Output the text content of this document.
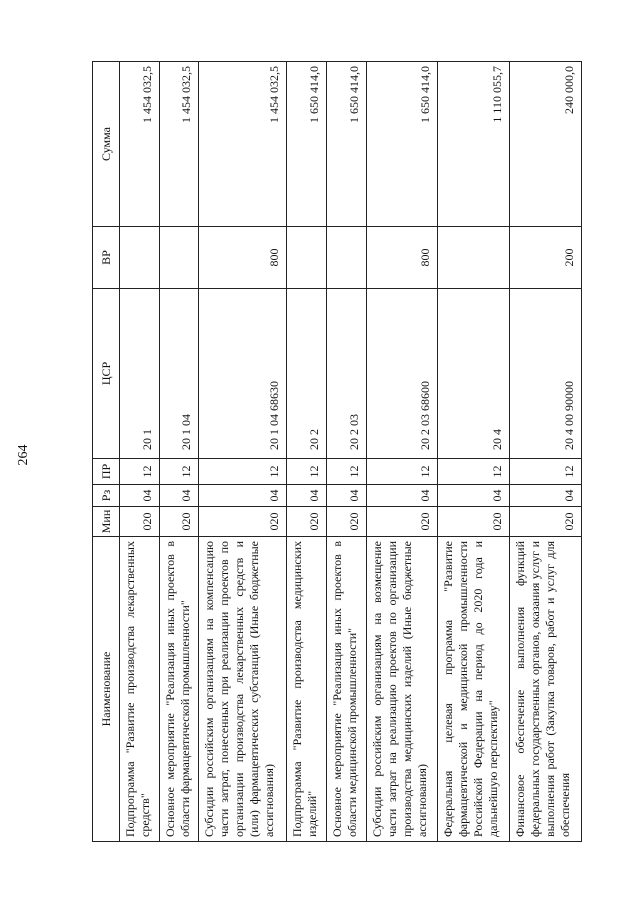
264
Наименование	Мин	Рз	ПР	ЦСР	ВР	Сумма
Подпрограмма "Развитие производства лекарственных средств"	020	04	12	20 1		1 454 032,5
Основное мероприятие "Реализация иных проектов в области фармацевтической промышленности"	020	04	12	20 1 04		1 454 032,5
Субсидии российским организациям на компенсацию части затрат, понесенных при реализации проектов по организации производства лекарственных средств и (или) фармацевтических субстанций (Иные бюджетные ассигнования)	020	04	12	20 1 04 68630	800	1 454 032,5
Подпрограмма "Развитие производства медицинских изделий"	020	04	12	20 2		1 650 414,0
Основное мероприятие "Реализация иных проектов в области медицинской промышленности"	020	04	12	20 2 03		1 650 414,0
Субсидии российским организациям на возмещение части затрат на реализацию проектов по организации производства медицинских изделий (Иные бюджетные ассигнования)	020	04	12	20 2 03 68600	800	1 650 414,0
Федеральная целевая программа "Развитие фармацевтической и медицинской промышленности Российской Федерации на период до 2020 года и дальнейшую перспективу"	020	04	12	20 4		1 110 055,7
Финансовое обеспечение выполнения функций федеральных государственных органов, оказания услуг и выполнения работ (Закупка товаров, работ и услуг для обеспечения	020	04	12	20 4 00 90000	200	240 000,0
